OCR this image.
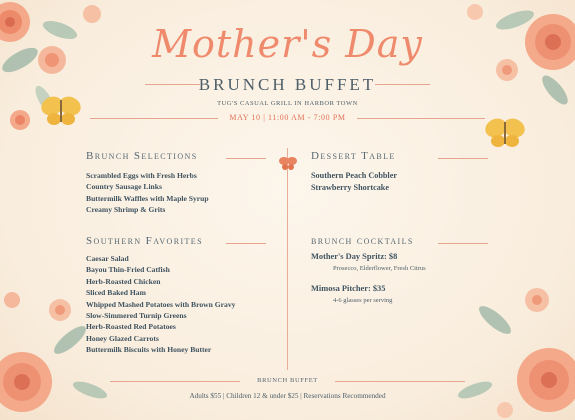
Mother's Day
BRUNCH BUFFET
TUG'S CASUAL GRILL IN HARBOR TOWN
MAY 10 | 11:00 AM - 7:00 PM
Brunch Selections
Scrambled Eggs with Fresh Herbs
Country Sausage Links
Buttermilk Waffles with Maple Syrup
Creamy Shrimp & Grits
Southern Favorites
Caesar Salad
Bayou Thin-Fried Catfish
Herb-Roasted Chicken
Sliced Baked Ham
Whipped Mashed Potatoes with Brown Gravy
Slow-Simmered Turnip Greens
Herb-Roasted Red Potatoes
Honey Glazed Carrots
Buttermilk Biscuits with Honey Butter
Dessert Table
Southern Peach Cobbler
Strawberry Shortcake
brunch cocktails
Mother's Day Spritz: $8
Prosecco, Elderflower, Fresh Citrus
Mimosa Pitcher: $35
4-6 glasses per serving
BRUNCH BUFFET
Adults $55 | Children 12 & under $25 | Reservations Recommended
